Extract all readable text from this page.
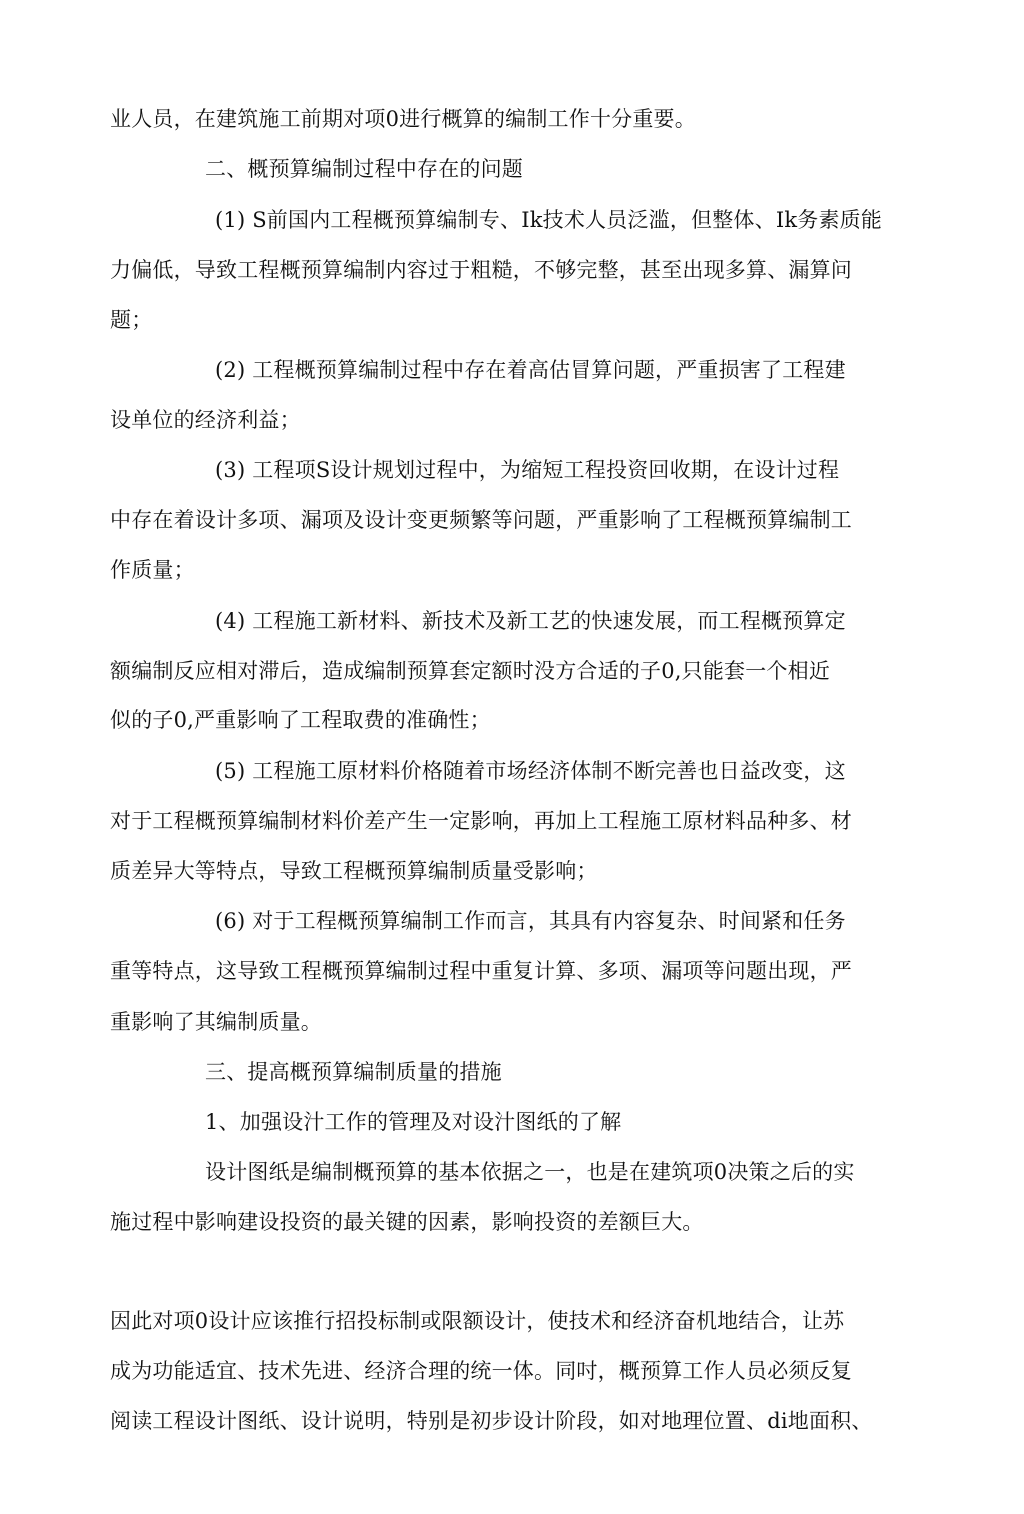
业人员，在建筑施工前期对项0进行概算的编制工作十分重要。
二、概预算编制过程中存在的问题
(1) S前国内工程概预算编制专、Ik技术人员泛滥，但整体、Ik务素质能
力偏低，导致工程概预算编制内容过于粗糙，不够完整，甚至出现多算、漏算问
题；
(2) 工程概预算编制过程中存在着高估冒算问题，严重损害了工程建
设单位的经济利益；
(3) 工程项S设计规划过程中，为缩短工程投资回收期，在设计过程
中存在着设计多项、漏项及设计变更频繁等问题，严重影响了工程概预算编制工
作质量；
(4) 工程施工新材料、新技术及新工艺的快速发展，而工程概预算定
额编制反应相对滞后，造成编制预算套定额时没方合适的子0,只能套一个相近
似的子0,严重影响了工程取费的准确性；
(5) 工程施工原材料价格随着市场经济体制不断完善也日益改变，这
对于工程概预算编制材料价差产生一定影响，再加上工程施工原材料品种多、材
质差异大等特点，导致工程概预算编制质量受影响；
(6) 对于工程概预算编制工作而言，其具有内容复杂、时间紧和任务
重等特点，这导致工程概预算编制过程中重复计算、多项、漏项等问题出现，严
重影响了其编制质量。
三、提高概预算编制质量的措施
1、加强设汁工作的管理及对设汁图纸的了解
设计图纸是编制概预算的基本依据之一，也是在建筑项0决策之后的实
施过程中影响建设投资的最关键的因素，影响投资的差额巨大。
因此对项0设计应该推行招投标制或限额设计，使技术和经济奋机地结合，让苏
成为功能适宜、技术先进、经济合理的统一体。同吋，概预算工作人员必须反复
阅读工程设计图纸、设计说明，特别是初步设计阶段，如对地理位置、di地面积、
